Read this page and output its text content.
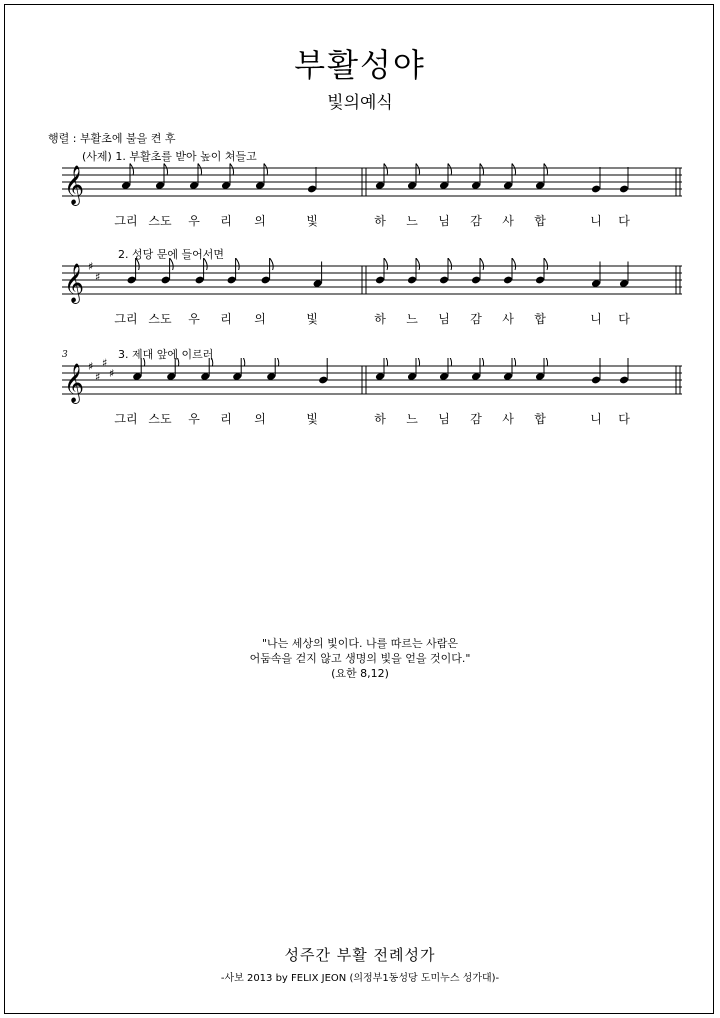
부활성야
빛의예식
행렬 : 부활초에 불을 켠 후
(사제) 1. 부활초를 받아 높이 쳐들고
2. 성당 문에 들어서면
3	3. 제대 앞에 이르러
𝄞
𝄞 ♯
♯
𝄞 ♯
♯
♯
♯
그리 스도 우 리 의	빛	하 느 님 감 사 합	니 다
그리 스도 우 리 의	빛	하 느 님 감 사 합	니 다
그리 스도 우 리 의	빛	하 느 님 감 사 합	니 다
"나는 세상의 빛이다. 나를 따르는 사람은
어둠속을 걷지 않고 생명의 빛을 얻을 것이다."
(요한 8,12)
성주간 부활 전례성가
-사보 2013 by FELIX JEON (의정부1동성당 도미누스 성가대)-
